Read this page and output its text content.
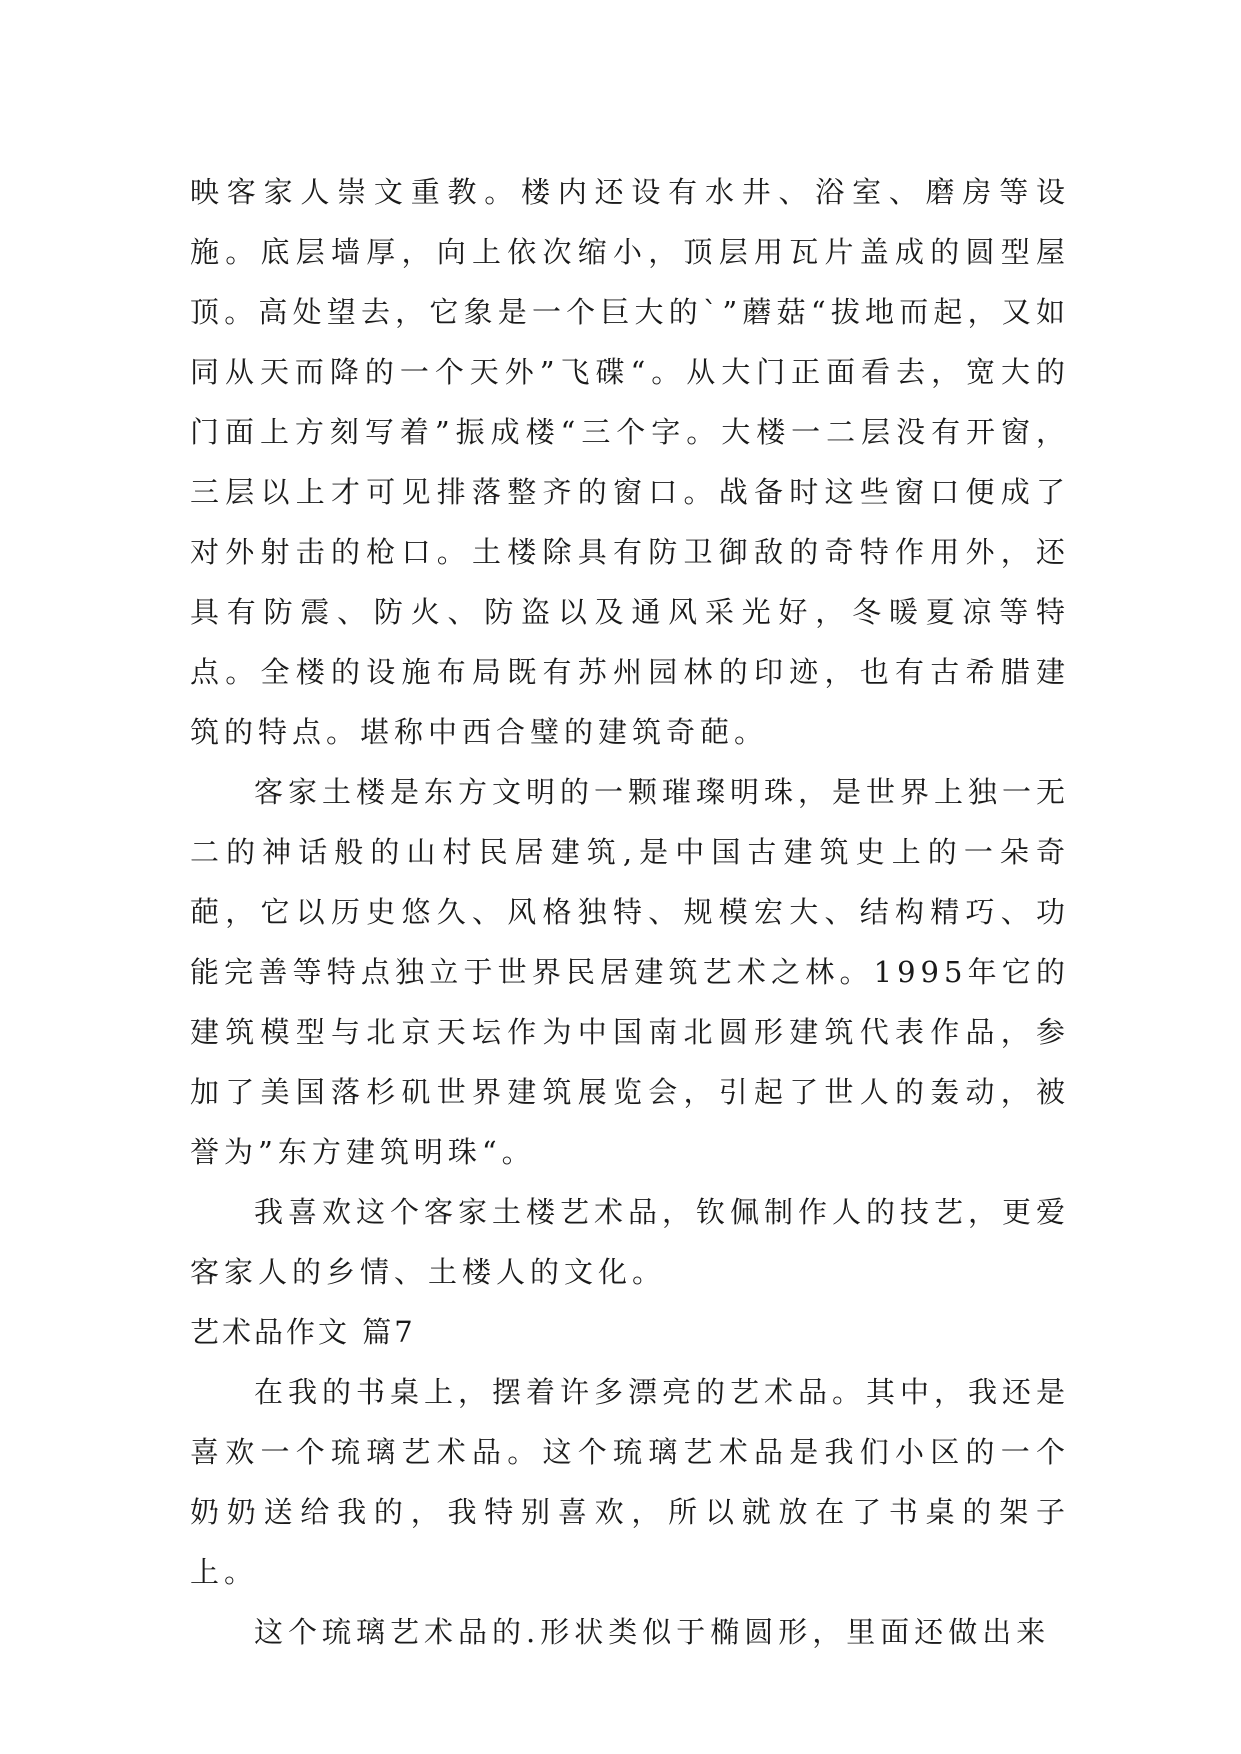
映客家人崇文重教。楼内还设有水井、浴室、磨房等设施。底层墙厚，向上依次缩小，顶层用瓦片盖成的圆型屋顶。高处望去，它象是一个巨大的`”蘑菇“拔地而起，又如同从天而降的一个天外”飞碟“。从大门正面看去，宽大的门面上方刻写着”振成楼“三个字。大楼一二层没有开窗，三层以上才可见排落整齐的窗口。战备时这些窗口便成了对外射击的枪口。土楼除具有防卫御敌的奇特作用外，还具有防震、防火、防盗以及通风采光好，冬暖夏凉等特点。全楼的设施布局既有苏州园林的印迹，也有古希腊建筑的特点。堪称中西合璧的建筑奇葩。

客家土楼是东方文明的一颗璀璨明珠，是世界上独一无二的神话般的山村民居建筑,是中国古建筑史上的一朵奇葩，它以历史悠久、风格独特、规模宏大、结构精巧、功能完善等特点独立于世界民居建筑艺术之林。1995年它的建筑模型与北京天坛作为中国南北圆形建筑代表作品，参加了美国落杉矶世界建筑展览会，引起了世人的轰动，被誉为”东方建筑明珠“。

我喜欢这个客家土楼艺术品，钦佩制作人的技艺，更爱客家人的乡情、土楼人的文化。

艺术品作文 篇7

在我的书桌上，摆着许多漂亮的艺术品。其中，我还是喜欢一个琉璃艺术品。这个琉璃艺术品是我们小区的一个奶奶送给我的，我特别喜欢，所以就放在了书桌的架子上。

这个琉璃艺术品的.形状类似于椭圆形，里面还做出来
